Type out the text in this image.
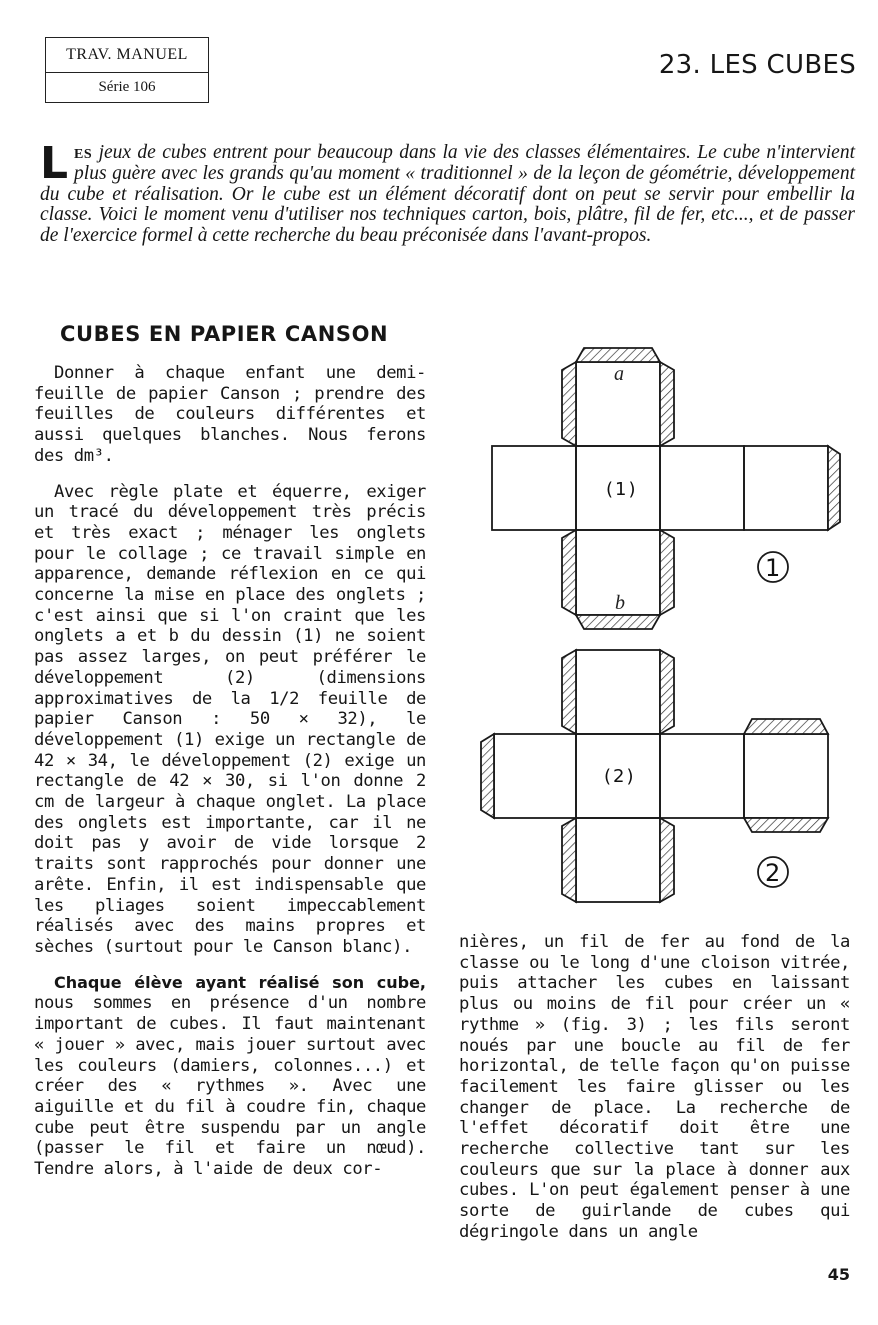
TRAV. MANUEL
Série 106
23. LES CUBES
Les jeux de cubes entrent pour beaucoup dans la vie des classes élémentaires. Le cube n'intervient plus guère avec les grands qu'au moment « traditionnel » de la leçon de géométrie, développement du cube et réalisation. Or le cube est un élément décoratif dont on peut se servir pour embellir la classe. Voici le moment venu d'utiliser nos techniques carton, bois, plâtre, fil de fer, etc..., et de passer de l'exercice formel à cette recherche du beau préconisée dans l'avant-propos.
CUBES EN PAPIER CANSON

Donner à chaque enfant une demi-feuille de papier Canson ; prendre des feuilles de couleurs différentes et aussi quelques blanches. Nous ferons des dm³.

Avec règle plate et équerre, exiger un tracé du développement très précis et très exact ; ménager les onglets pour le collage ; ce travail simple en apparence, demande réflexion en ce qui concerne la mise en place des onglets ; c'est ainsi que si l'on craint que les onglets a et b du dessin (1) ne soient pas assez larges, on peut préférer le développement (2) (dimensions approximatives de la 1/2 feuille de papier Canson : 50 × 32), le développement (1) exige un rectangle de 42 × 34, le développement (2) exige un rectangle de 42 × 30, si l'on donne 2 cm de largeur à chaque onglet. La place des onglets est importante, car il ne doit pas y avoir de vide lorsque 2 traits sont rapprochés pour donner une arête. Enfin, il est indispensable que les pliages soient impeccablement réalisés avec des mains propres et sèches (surtout pour le Canson blanc).

Chaque élève ayant réalisé son cube, nous sommes en présence d'un nombre important de cubes. Il faut maintenant « jouer » avec, mais jouer surtout avec les couleurs (damiers, colonnes...) et créer des « rythmes ». Avec une aiguille et du fil à coudre fin, chaque cube peut être suspendu par un angle (passer le fil et faire un nœud). Tendre alors, à l'aide de deux cor-

nières, un fil de fer au fond de la classe ou le long d'une cloison vitrée, puis attacher les cubes en laissant plus ou moins de fil pour créer un « rythme » (fig. 3) ; les fils seront noués par une boucle au fil de fer horizontal, de telle façon qu'on puisse facilement les faire glisser ou les changer de place. La recherche de l'effet décoratif doit être une recherche collective tant sur les couleurs que sur la place à donner aux cubes. L'on peut également penser à une sorte de guirlande de cubes qui dégringole dans un angle

a
b
(1)
(2)
1
2
45
